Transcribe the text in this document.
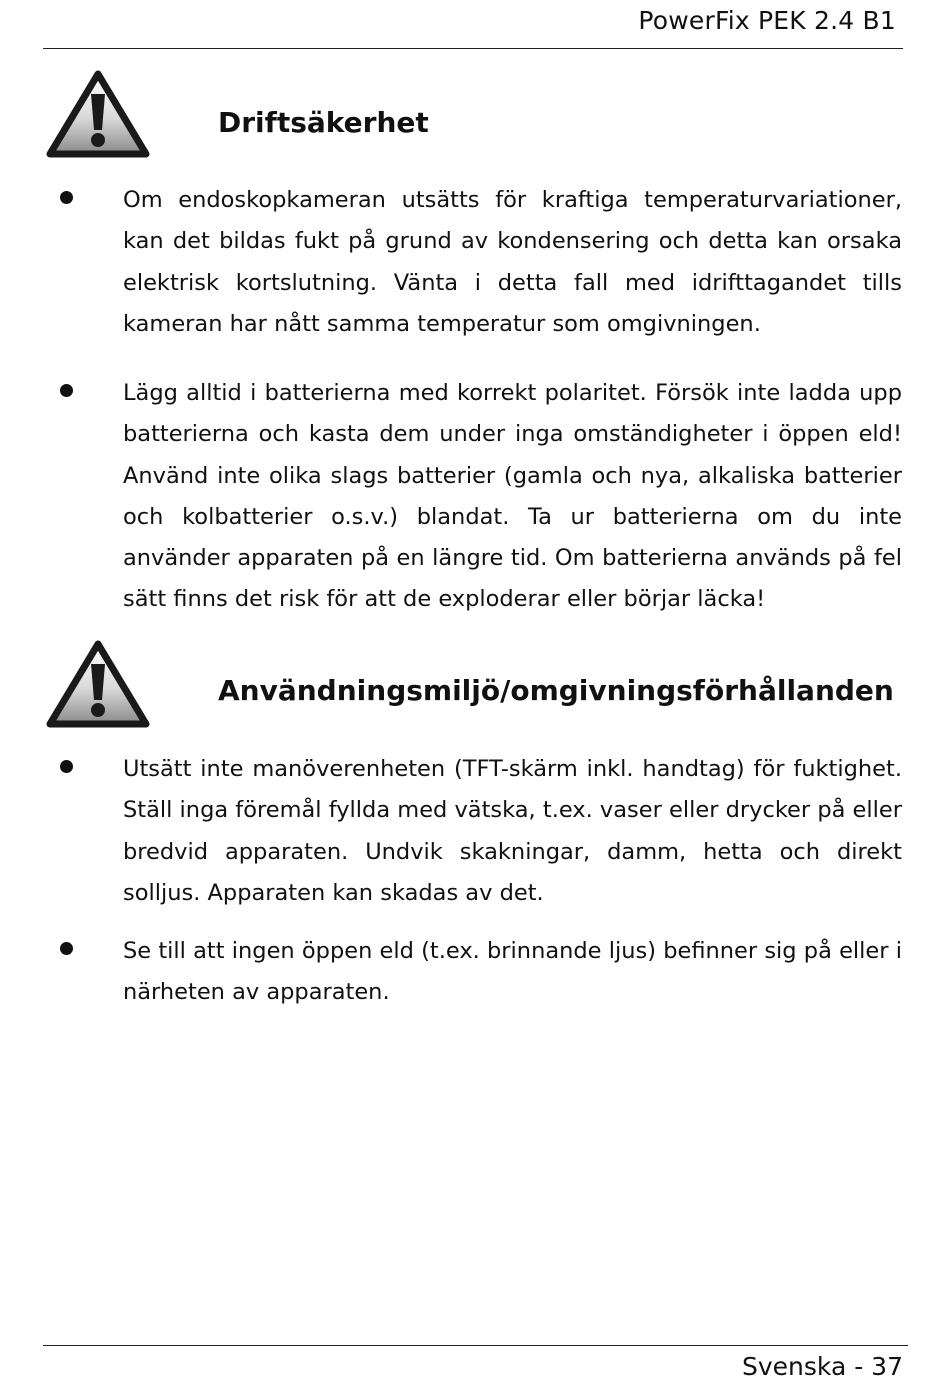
PowerFix PEK 2.4 B1
Driftsäkerhet
Om endoskopkameran utsätts för kraftiga temperaturvariationer, kan det bildas fukt på grund av kondensering och detta kan orsaka elektrisk kortslutning. Vänta i detta fall med idrifttagandet tills kameran har nått samma temperatur som omgivningen.
Lägg alltid i batterierna med korrekt polaritet. Försök inte ladda upp batterierna och kasta dem under inga omständigheter i öppen eld! Använd inte olika slags batterier (gamla och nya, alkaliska batterier och kolbatterier o.s.v.) blandat. Ta ur batterierna om du inte använder apparaten på en längre tid. Om batterierna används på fel sätt finns det risk för att de exploderar eller börjar läcka!
Användningsmiljö/omgivningsförhållanden
Utsätt inte manöverenheten (TFT-skärm inkl. handtag) för fuktighet. Ställ inga föremål fyllda med vätska, t.ex. vaser eller drycker på eller bredvid apparaten. Undvik skakningar, damm, hetta och direkt solljus. Apparaten kan skadas av det.
Se till att ingen öppen eld (t.ex. brinnande ljus) befinner sig på eller i närheten av apparaten.
Svenska - 37
